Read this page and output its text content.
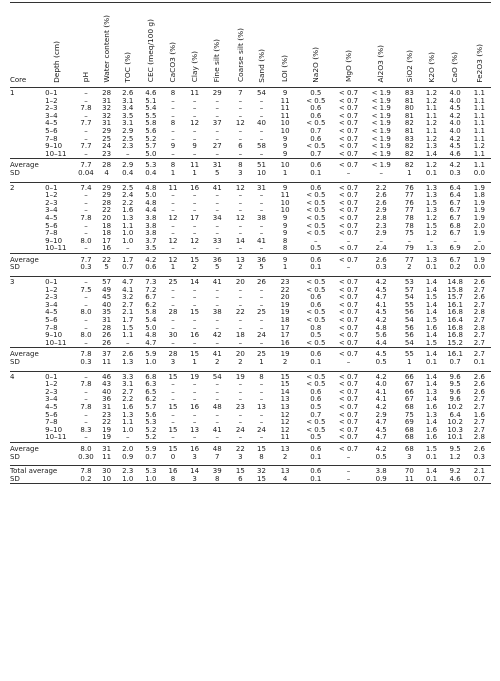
Core	Depth (cm)	pH	Water content (%)	TOC (%)	CEC (meq/100 g)	CaCO3 (%)	Clay (%)	Fine silt (%)	Coarse silt (%)	Sand (%)	LOI (%)	Na2O (%)	MgO (%)	Al2O3 (%)	SiO2 (%)	K2O (%)	CaO (%)	Fe2O3 (%)
1	0–1	–	28	2.6	4.6	8	11	29	7	54	9	0.5	< 0.7	< 1.9	83	1.2	4.0	1.1
	1–2	–	31	3.1	5.1	–	–	–	–	–	11	< 0.5	< 0.7	< 1.9	81	1.2	4.0	1.1
	2–3	7.8	32	3.4	5.4	–	–	–	–	–	11	0.6	< 0.7	< 1.9	80	1.1	4.5	1.1
	3–4	–	32	3.5	5.5	–	–	–	–	–	11	0.6	< 0.7	< 1.9	81	1.1	4.2	1.1
	4–5	7.7	31	3.1	5.8	8	12	37	12	40	10	< 0.5	< 0.7	< 1.9	82	1.2	4.0	1.1
	5–6	–	29	2.9	5.6	–	–	–	–	–	10	0.7	< 0.7	< 1.9	81	1.1	4.0	1.1
	7–8	–	25	2.5	5.2	–	–	–	–	–	9	0.6	< 0.7	< 1.9	83	1.2	4.2	1.1
	9–10	7.7	24	2.3	5.7	9	9	27	6	58	9	< 0.5	< 0.7	< 1.9	82	1.3	4.5	1.2
	10–11	–	23	–	5.0	–	–	–	–	–	9	0.7	< 0.7	< 1.9	82	1.4	4.6	1.1
Average		7.7	28	2.9	5.3	8	11	31	8	51	10	0.6	< 0.7	< 1.9	82	1.2	4.2	1.1
SD		0.04	4	0.4	0.4	1	1	5	3	10	1	0.1	–	–	1	0.1	0.3	0.0

2	0–1	7.4	29	2.5	4.8	11	16	41	12	31	9	0.6	< 0.7	2.2	76	1.3	6.4	1.9
	1–2	–	29	2.4	5.0	–	–	–	–	–	11	< 0.5	< 0.7	2.6	77	1.3	6.4	1.8
	2–3	–	28	2.2	4.8	–	–	–	–	–	10	< 0.5	< 0.7	2.6	76	1.5	6.7	1.9
	3–4	–	22	1.6	4.4	–	–	–	–	–	10	< 0.5	< 0.7	2.9	77	1.3	6.7	1.9
	4–5	7.8	20	1.3	3.8	12	17	34	12	38	9	< 0.5	< 0.7	2.8	78	1.2	6.7	1.9
	5–6	–	18	1.1	3.8	–	–	–	–	–	9	< 0.5	< 0.7	2.3	78	1.5	6.8	2.0
	7–8	–	18	1.0	3.8	–	–	–	–	–	9	< 0.5	< 0.7	2.9	75	1.2	6.7	1.9
	9–10	8.0	17	1.0	3.7	12	12	33	14	41	8	–	–	–	–	–	–	–
	10–11	–	16	–	3.5	–	–	–	–	–	8	0.5	< 0.7	2.4	79	1.3	6.9	2.0
Average		7.7	22	1.7	4.2	12	15	36	13	36	9	0.6	< 0.7	2.6	77	1.3	6.7	1.9
SD		0.3	5	0.7	0.6	1	2	5	2	5	1	0.1	–	0.3	2	0.1	0.2	0.0

3	0–1	–	57	4.7	7.3	25	14	41	20	26	23	< 0.5	< 0.7	4.2	53	1.4	14.8	2.6
	1–2	7.5	49	4.1	7.2	–	–	–	–	–	22	< 0.5	< 0.7	4.5	57	1.4	15.8	2.7
	2–3	–	45	3.2	6.7	–	–	–	–	–	20	0.6	< 0.7	4.7	54	1.5	15.7	2.6
	3–4	–	40	2.7	6.2	–	–	–	–	–	19	0.6	< 0.7	4.1	55	1.4	16.1	2.7
	4–5	8.0	35	2.1	5.8	28	15	38	22	25	19	< 0.5	< 0.7	4.5	56	1.4	16.8	2.8
	5–6	–	31	1.7	5.4	–	–	–	–	–	18	< 0.5	< 0.7	4.2	54	1.5	16.4	2.7
	7–8	–	28	1.5	5.0	–	–	–	–	–	17	0.8	< 0.7	4.8	56	1.6	16.8	2.8
	9–10	8.0	26	1.1	4.8	30	16	42	18	24	17	0.5	< 0.7	5.6	56	1.4	16.8	2.7
	10–11	–	26	–	4.7	–	–	–	–	–	16	< 0.5	< 0.7	4.4	54	1.5	15.2	2.7
Average		7.8	37	2.6	5.9	28	15	41	20	25	19	0.6	< 0.7	4.5	55	1.4	16.1	2.7
SD		0.3	11	1.3	1.0	3	1	2	2	1	2	0.1	–	0.5	1	0.1	0.7	0.1

4	0–1	–	46	3.3	6.8	15	19	54	19	8	15	< 0.5	< 0.7	4.2	66	1.4	9.6	2.6
	1–2	7.8	43	3.1	6.3	–	–	–	–	–	15	< 0.5	< 0.7	4.0	67	1.4	9.5	2.6
	2–3	–	40	2.7	6.5	–	–	–	–	–	14	0.6	< 0.7	4.1	66	1.3	9.6	2.6
	3–4	–	36	2.2	6.2	–	–	–	–	–	13	0.6	< 0.7	4.1	67	1.4	9.6	2.7
	4–5	7.8	31	1.6	5.7	15	16	48	23	13	13	0.5	< 0.7	4.2	68	1.6	10.2	2.7
	5–6	–	23	1.3	5.6	–	–	–	–	–	12	0.7	< 0.7	2.9	75	1.3	6.4	1.6
	7–8	–	22	1.1	5.3	–	–	–	–	–	12	< 0.5	< 0.7	4.7	69	1.4	10.2	2.7
	9–10	8.3	19	1.0	5.2	15	13	41	24	24	12	< 0.5	< 0.7	4.5	68	1.6	10.3	2.7
	10–11	–	19	–	5.2	–	–	–	–	–	11	0.5	< 0.7	4.7	68	1.6	10.1	2.8
Average		8.0	31	2.0	5.9	15	16	48	22	15	13	0.6	< 0.7	4.2	68	1.5	9.5	2.6
SD		0.30	11	0.9	0.7	0	3	7	3	8	2	0.1	–	0.5	3	0.1	1.2	0.3

Total average		7.8	30	2.3	5.3	16	14	39	15	32	13	0.6	–	3.8	70	1.4	9.2	2.1
SD		0.2	10	1.0	1.0	8	3	8	6	15	4	0.1	–	0.9	11	0.1	4.6	0.7
